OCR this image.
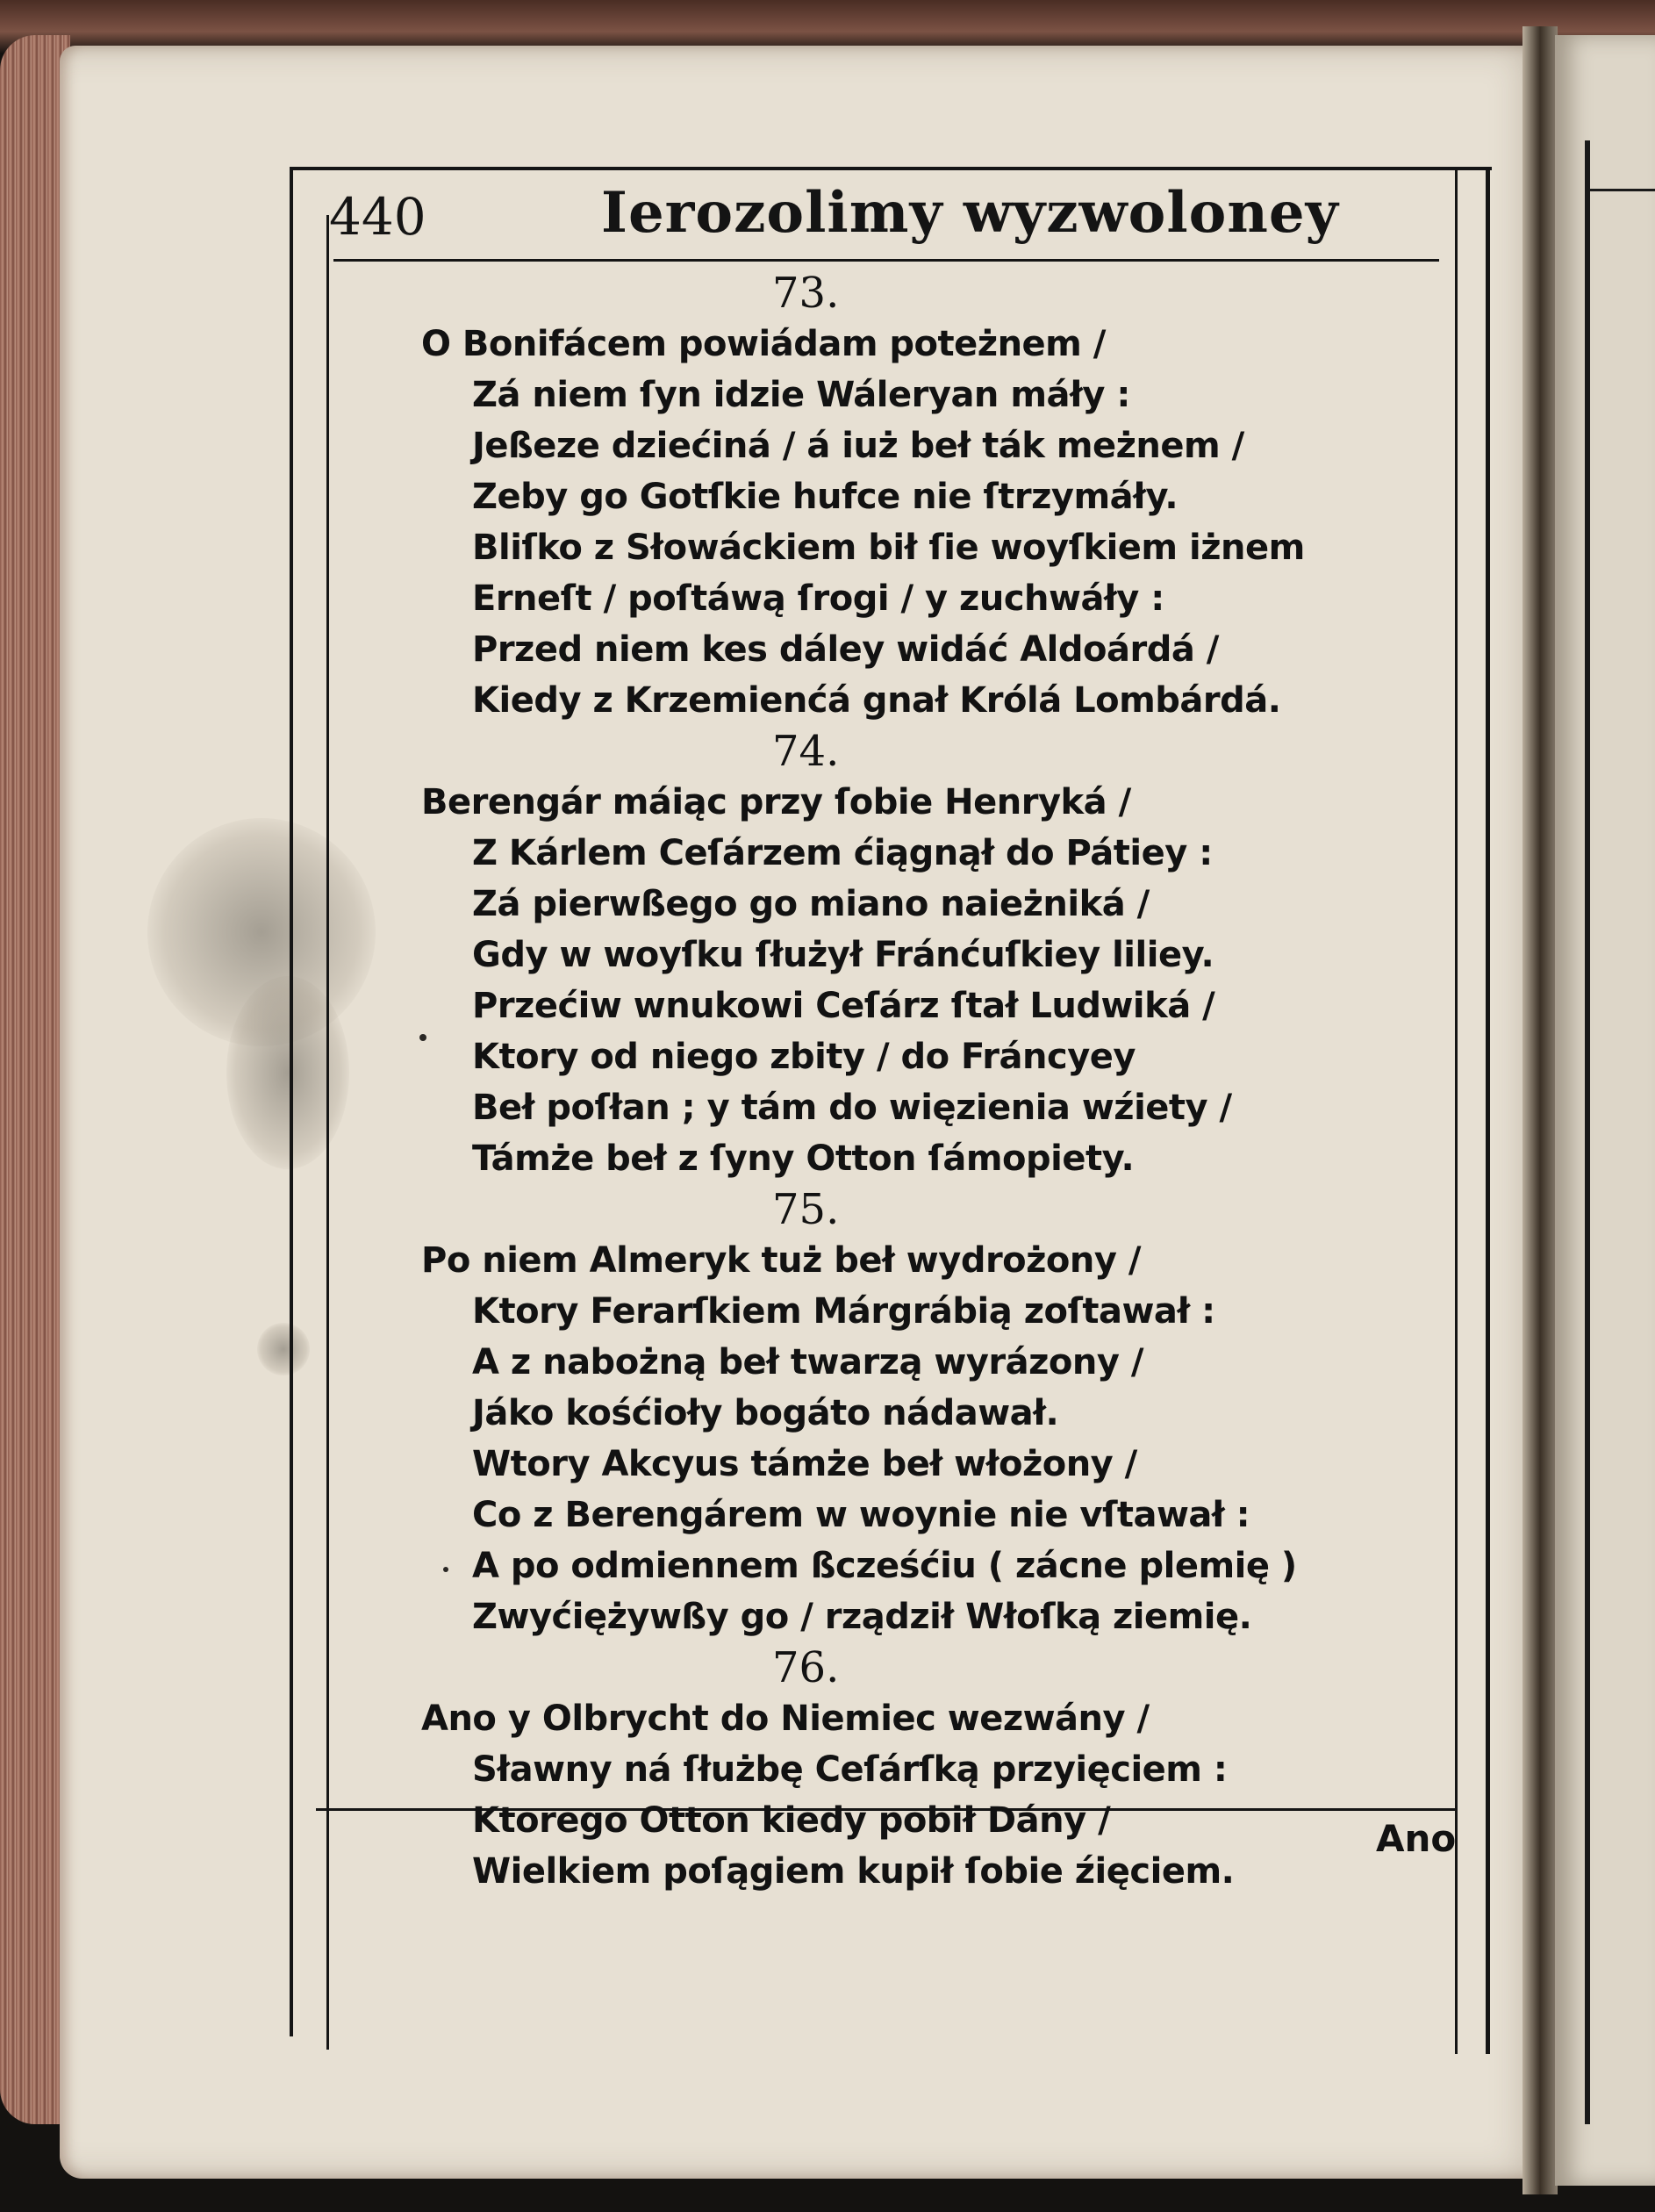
440	Ierozolimy wyzwoloney
73.
O Bonifácem powiádam poteżnem /
Zá niem ſyn idzie Wáleryan máły :
Jeßeze dziećiná / á iuż beł ták meżnem /
Zeby go Gotſkie hufce nie ſtrzymáły.
Bliſko z Słowáckiem bił ſie woyſkiem iżnem
Erneſt / poſtáwą ſrogi / y zuchwáły :
Przed niem kes dáley widáć Aldoárdá /
Kiedy z Krzemienćá gnał Królá Lombárdá.
74.
Berengár máiąc przy ſobie Henryká /
Z Kárlem Ceſárzem ćiągnął do Pátiey :
Zá pierwßego go miano naieżniká /
Gdy w woyſku ſłużył Fránćuſkiey liliey.
Przećiw wnukowi Ceſárz ſtał Ludwiká /
Ktory od niego zbity / do Fráncyey
Beł poſłan ; y tám do więzienia wźiety /
Támże beł z ſyny Otton ſámopiety.
75.
Po niem Almeryk tuż beł wydrożony /
Ktory Ferarſkiem Márgrábią zoſtawał :
A z nabożną beł twarzą wyrázony /
Jáko kośćioły bogáto nádawał.
Wtory Akcyus támże beł włożony /
Co z Berengárem w woynie nie vſtawał :
A po odmiennem ßcześćiu ( zácne plemię )
Zwyćiężywßy go / rządził Włoſką ziemię.
76.
Ano y Olbrycht do Niemiec wezwány /
Sławny ná ſłużbę Ceſárſką przyięciem :
Ktorego Otton kiedy pobił Dány /
Wielkiem poſągiem kupił ſobie źięciem.
Ano
